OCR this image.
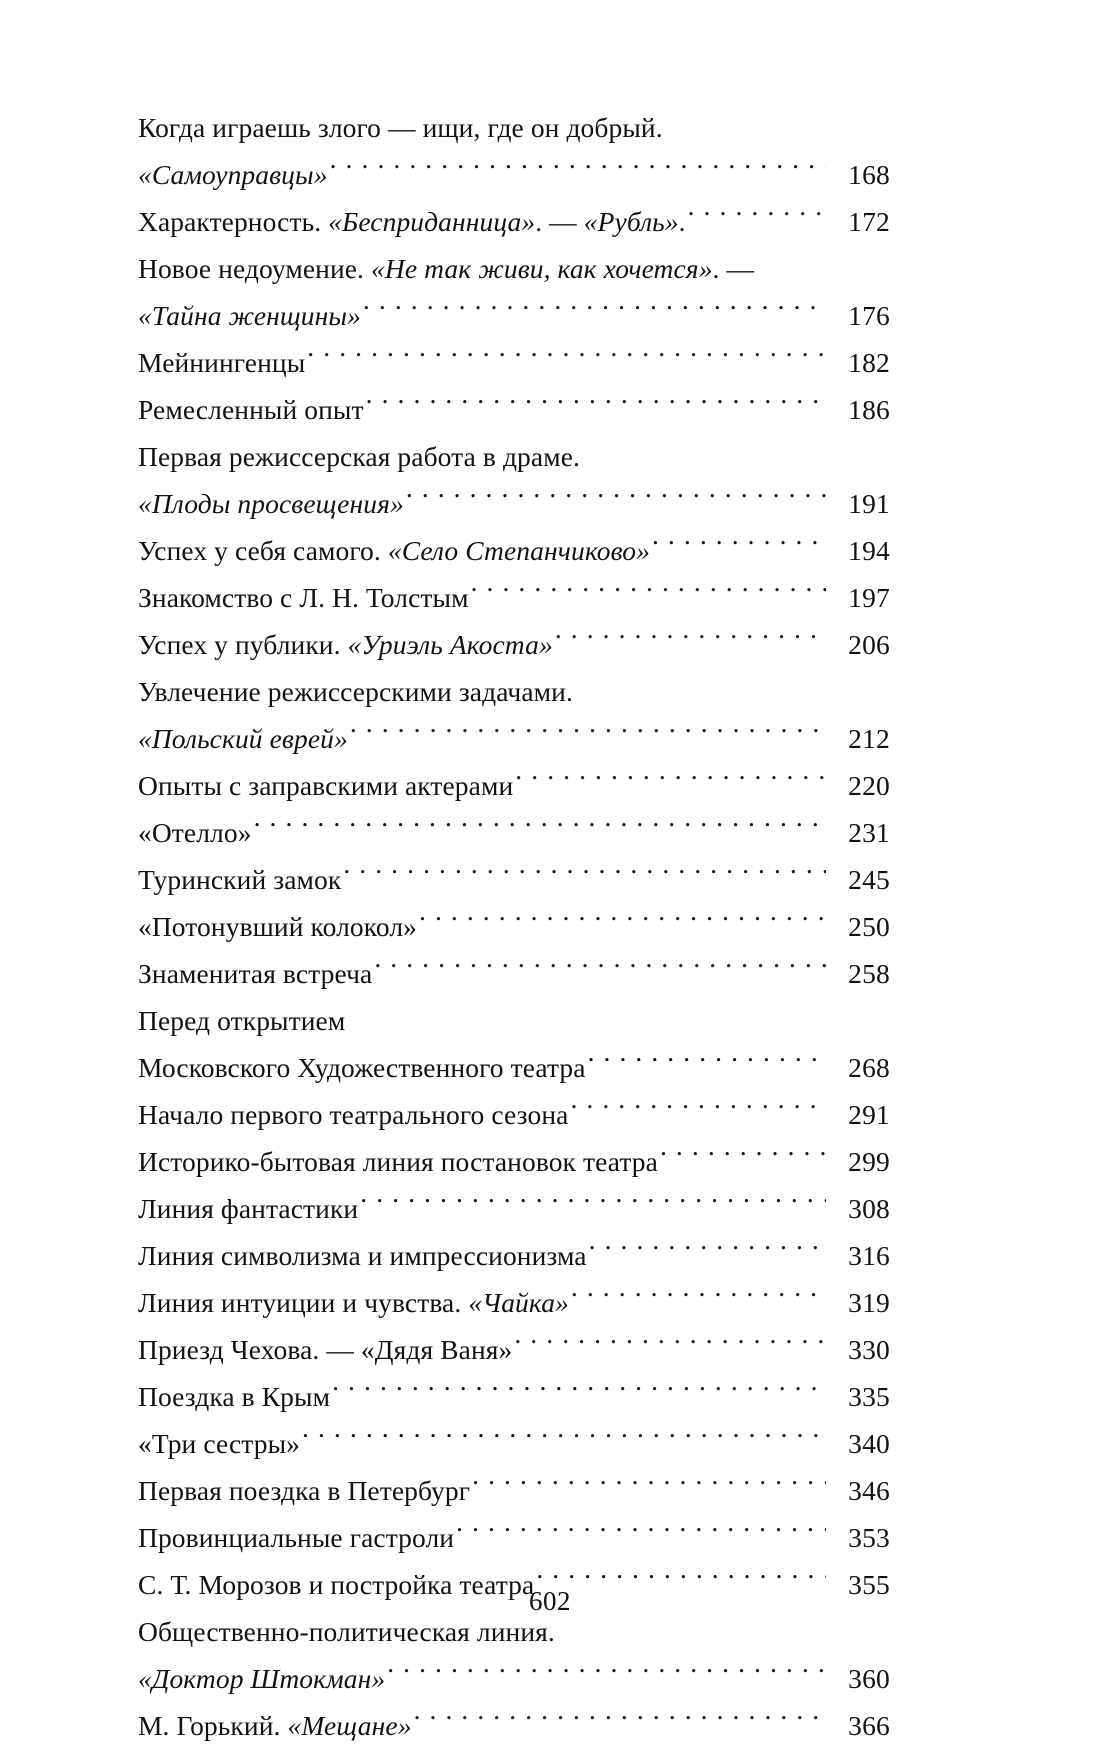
Когда играешь злого — ищи, где он добрый.
«Самоуправцы» . . .	168
Характерность. «Бесприданница». — «Рубль». . . .	172
Новое недоумение. «Не так живи, как хочется». —
«Тайна женщины» . . .	176
Мейнингенцы . . .	182
Ремесленный опыт . . .	186
Первая режиссерская работа в драме.
«Плоды просвещения» . . .	191
Успех у себя самого. «Село Степанчиково» . . .	194
Знакомство с Л. Н. Толстым . . .	197
Успех у публики. «Уриэль Акоста» . . .	206
Увлечение режиссерскими задачами.
«Польский еврей» . . .	212
Опыты с заправскими актерами . . .	220
«Отелло» . . .	231
Туринский замок . . .	245
«Потонувший колокол» . . .	250
Знаменитая встреча . . .	258
Перед открытием
Московского Художественного театра . . .	268
Начало первого театрального сезона . . .	291
Историко-бытовая линия постановок театра . . .	299
Линия фантастики . . .	308
Линия символизма и импрессионизма . . .	316
Линия интуиции и чувства. «Чайка» . . .	319
Приезд Чехова. — «Дядя Ваня» . . .	330
Поездка в Крым . . .	335
«Три сестры» . . .	340
Первая поездка в Петербург . . .	346
Провинциальные гастроли . . .	353
С. Т. Морозов и постройка театра . . .	355
Общественно-политическая линия.
«Доктор Штокман» . . .	360
М. Горький. «Мещане» . . .	366
602
